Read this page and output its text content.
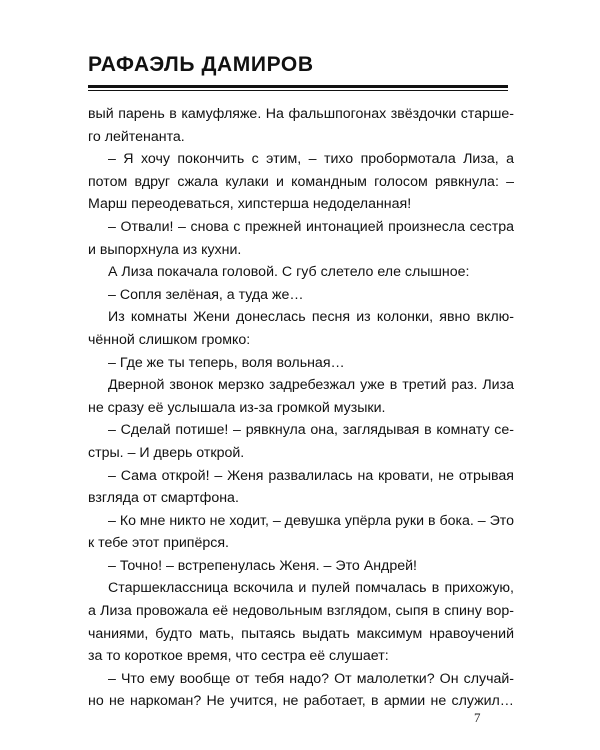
РАФАЭЛЬ ДАМИРОВ
вый парень в камуфляже. На фальшпогонах звёздочки старше-
го лейтенанта.
– Я хочу покончить с этим, – тихо пробормотала Лиза, а
потом вдруг сжала кулаки и командным голосом рявкнула: –
Марш переодеваться, хипстерша недоделанная!
– Отвали! – снова с прежней интонацией произнесла сестра
и выпорхнула из кухни.
А Лиза покачала головой. С губ слетело еле слышное:
– Сопля зелёная, а туда же…
Из комнаты Жени донеслась песня из колонки, явно вклю-
чённой слишком громко:
– Где же ты теперь, воля вольная…
Дверной звонок мерзко задребезжал уже в третий раз. Лиза
не сразу её услышала из-за громкой музыки.
– Сделай потише! – рявкнула она, заглядывая в комнату се-
стры. – И дверь открой.
– Сама открой! – Женя развалилась на кровати, не отрывая
взгляда от смартфона.
– Ко мне никто не ходит, – девушка упёрла руки в бока. – Это
к тебе этот припёрся.
– Точно! – встрепенулась Женя. – Это Андрей!
Старшеклассница вскочила и пулей помчалась в прихожую,
а Лиза провожала её недовольным взглядом, сыпя в спину вор-
чаниями, будто мать, пытаясь выдать максимум нравоучений
за то короткое время, что сестра её слушает:
– Что ему вообще от тебя надо? От малолетки? Он случай-
но не наркоман? Не учится, не работает, в армии не служил…
7
